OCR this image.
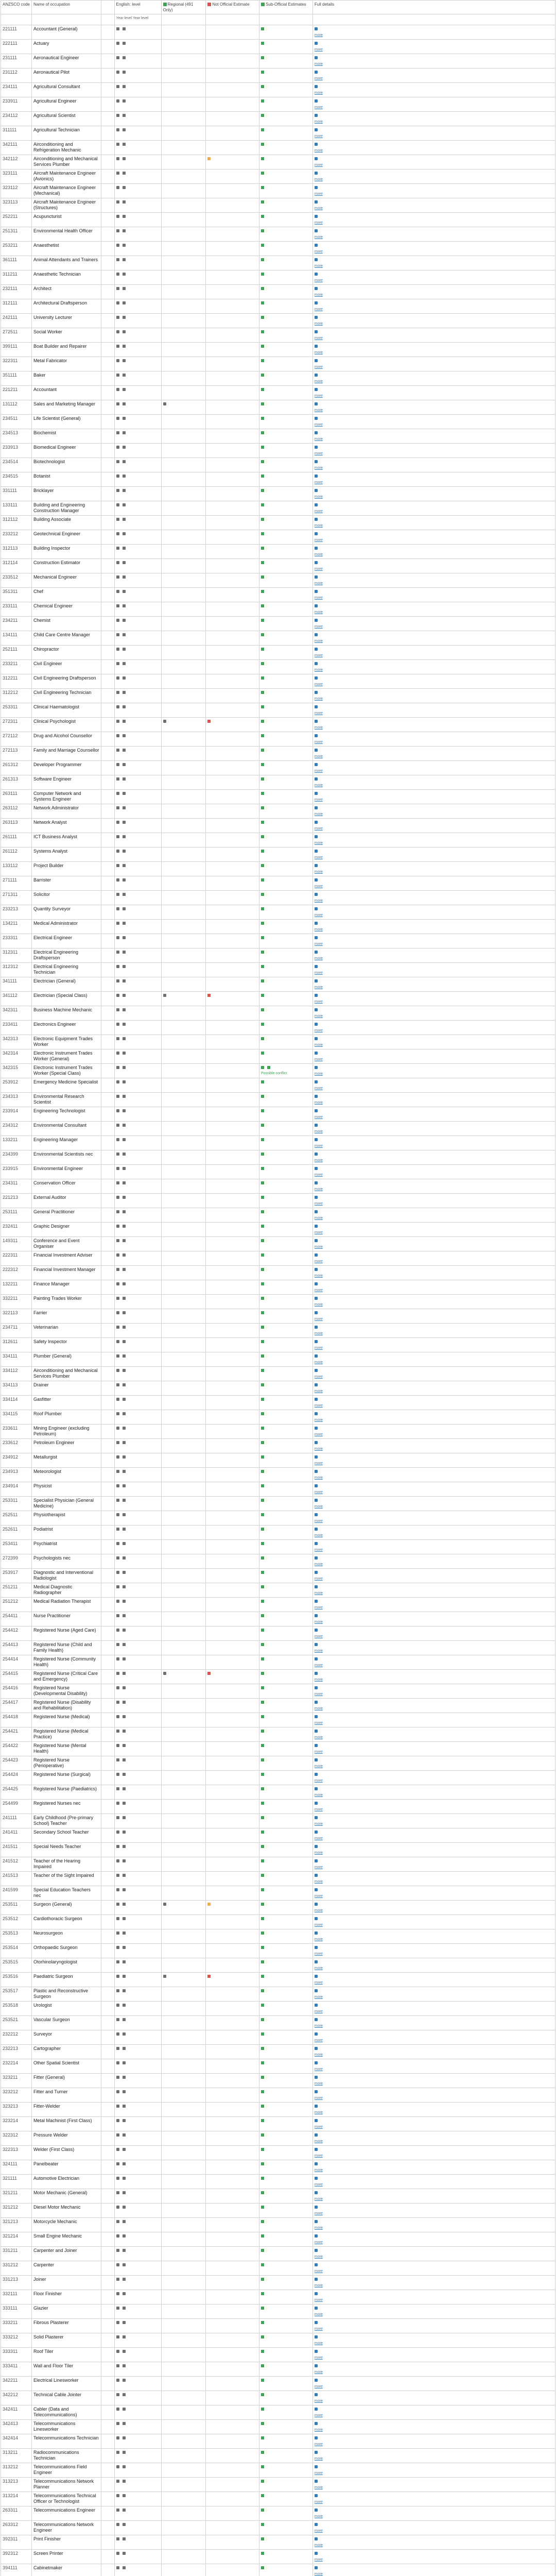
ANZSCO code	Name of occupation		English: level	Regional (491 Only)	Not Official Estimate	Sub-Official Estimates	Full details
			Year level Year level				
221111	Accountant (General)						more

222111	Actuary						more

231111	Aeronautical Engineer						more

231112	Aeronautical Pilot						more

234111	Agricultural Consultant						more

233911	Agricultural Engineer						more

234112	Agricultural Scientist						more

311111	Agricultural Technician						more

342111	Airconditioning and Refrigeration Mechanic						more

342112	Airconditioning and Mechanical Services Plumber						more

323111	Aircraft Maintenance Engineer (Avionics)						more

323112	Aircraft Maintenance Engineer (Mechanical)						more

323113	Aircraft Maintenance Engineer (Structures)						more

252211	Acupuncturist						more

251311	Environmental Health Officer						more

253211	Anaesthetist						more

361111	Animal Attendants and Trainers						more

311211	Anaesthetic Technician						more

232111	Architect						more

312111	Architectural Draftsperson						more

242111	University Lecturer						more

272511	Social Worker						more

399111	Boat Builder and Repairer						more

322311	Metal Fabricator						more

351111	Baker						more

221211	Accountant						more

131112	Sales and Marketing Manager						more

234511	Life Scientist (General)						more

234513	Biochemist						more

233913	Biomedical Engineer						more

234514	Biotechnologist						more

234515	Botanist						more

331111	Bricklayer						more

133111	Building and Engineering Construction Manager						more

312112	Building Associate						more

233212	Geotechnical Engineer						more

312113	Building Inspector						more

312114	Construction Estimator						more

233512	Mechanical Engineer						more

351311	Chef						more

233111	Chemical Engineer						more

234211	Chemist						more

134111	Child Care Centre Manager						more

252111	Chiropractor						more

233211	Civil Engineer						more

312211	Civil Engineering Draftsperson						more

312212	Civil Engineering Technician						more

253311	Clinical Haematologist						more

272311	Clinical Psychologist						more

272112	Drug and Alcohol Counsellor						more

272113	Family and Marriage Counsellor						more

261312	Developer Programmer						more

261313	Software Engineer						more

263111	Computer Network and Systems Engineer						more

263112	Network Administrator						more

263113	Network Analyst						more

261111	ICT Business Analyst						more

261112	Systems Analyst						more

133112	Project Builder						more

271111	Barrister						more

271311	Solicitor						more

233213	Quantity Surveyor						more

134211	Medical Administrator						more

233311	Electrical Engineer						more

312311	Electrical Engineering Draftsperson						more

312312	Electrical Engineering Technician						more

341111	Electrician (General)						more

341112	Electrician (Special Class)						more

342311	Business Machine Mechanic						more

233411	Electronics Engineer						more

342313	Electronic Equipment Trades Worker						more

342314	Electronic Instrument Trades Worker (General)						more

342315	Electronic Instrument Trades Worker (Special Class)					Possible conflict	more

253912	Emergency Medicine Specialist						more

234313	Environmental Research Scientist						more

233914	Engineering Technologist						more

234312	Environmental Consultant						more

133211	Engineering Manager						more

234399	Environmental Scientists nec						more

233915	Environmental Engineer						more

234311	Conservation Officer						more

221213	External Auditor						more

253111	General Practitioner						more

232411	Graphic Designer						more

149311	Conference and Event Organiser						more

222311	Financial Investment Adviser						more

222312	Financial Investment Manager						more

132211	Finance Manager						more

332211	Painting Trades Worker						more

322113	Farrier						more

234711	Veterinarian						more

312611	Safety Inspector						more

334111	Plumber (General)						more

334112	Airconditioning and Mechanical Services Plumber						more

334113	Drainer						more

334114	Gasfitter						more

334115	Roof Plumber						more

233611	Mining Engineer (excluding Petroleum)						more

233612	Petroleum Engineer						more

234912	Metallurgist						more

234913	Meteorologist						more

234914	Physicist						more

253311	Specialist Physician (General Medicine)						more

252511	Physiotherapist						more

252611	Podiatrist						more

253411	Psychiatrist						more

272399	Psychologists nec						more

253917	Diagnostic and Interventional Radiologist						more

251211	Medical Diagnostic Radiographer						more

251212	Medical Radiation Therapist						more

254411	Nurse Practitioner						more

254412	Registered Nurse (Aged Care)						more

254413	Registered Nurse (Child and Family Health)						more

254414	Registered Nurse (Community Health)						more

254415	Registered Nurse (Critical Care and Emergency)						more

254416	Registered Nurse (Developmental Disability)						more

254417	Registered Nurse (Disability and Rehabilitation)						more

254418	Registered Nurse (Medical)						more

254421	Registered Nurse (Medical Practice)						more

254422	Registered Nurse (Mental Health)						more

254423	Registered Nurse (Perioperative)						more

254424	Registered Nurse (Surgical)						more

254425	Registered Nurse (Paediatrics)						more

254499	Registered Nurses nec						more

241111	Early Childhood (Pre-primary School) Teacher						more

241411	Secondary School Teacher						more

241511	Special Needs Teacher						more

241512	Teacher of the Hearing Impaired						more

241513	Teacher of the Sight Impaired						more

241599	Special Education Teachers nec						more

253511	Surgeon (General)						more

253512	Cardiothoracic Surgeon						more

253513	Neurosurgeon						more

253514	Orthopaedic Surgeon						more

253515	Otorhinolaryngologist						more

253516	Paediatric Surgeon						more

253517	Plastic and Reconstructive Surgeon						more

253518	Urologist						more

253521	Vascular Surgeon						more

232212	Surveyor						more

232213	Cartographer						more

232214	Other Spatial Scientist						more

323211	Fitter (General)						more

323212	Fitter and Turner						more

323213	Fitter-Welder						more

323214	Metal Machinist (First Class)						more

322312	Pressure Welder						more

322313	Welder (First Class)						more

324111	Panelbeater						more

321111	Automotive Electrician						more

321211	Motor Mechanic (General)						more

321212	Diesel Motor Mechanic						more

321213	Motorcycle Mechanic						more

321214	Small Engine Mechanic						more

331211	Carpenter and Joiner						more

331212	Carpenter						more

331213	Joiner						more

332111	Floor Finisher						more

333111	Glazier						more

333211	Fibrous Plasterer						more

333212	Solid Plasterer						more

333311	Roof Tiler						more

333411	Wall and Floor Tiler						more

342211	Electrical Linesworker						more

342212	Technical Cable Jointer						more

342411	Cabler (Data and Telecommunications)						more

342413	Telecommunications Linesworker						more

342414	Telecommunications Technician						more

313211	Radiocommunications Technician						more

313212	Telecommunications Field Engineer						more

313213	Telecommunications Network Planner						more

313214	Telecommunications Technical Officer or Technologist						more

263311	Telecommunications Engineer						more

263312	Telecommunications Network Engineer						more

392311	Print Finisher						more

392312	Screen Printer						more

394111	Cabinetmaker						more
